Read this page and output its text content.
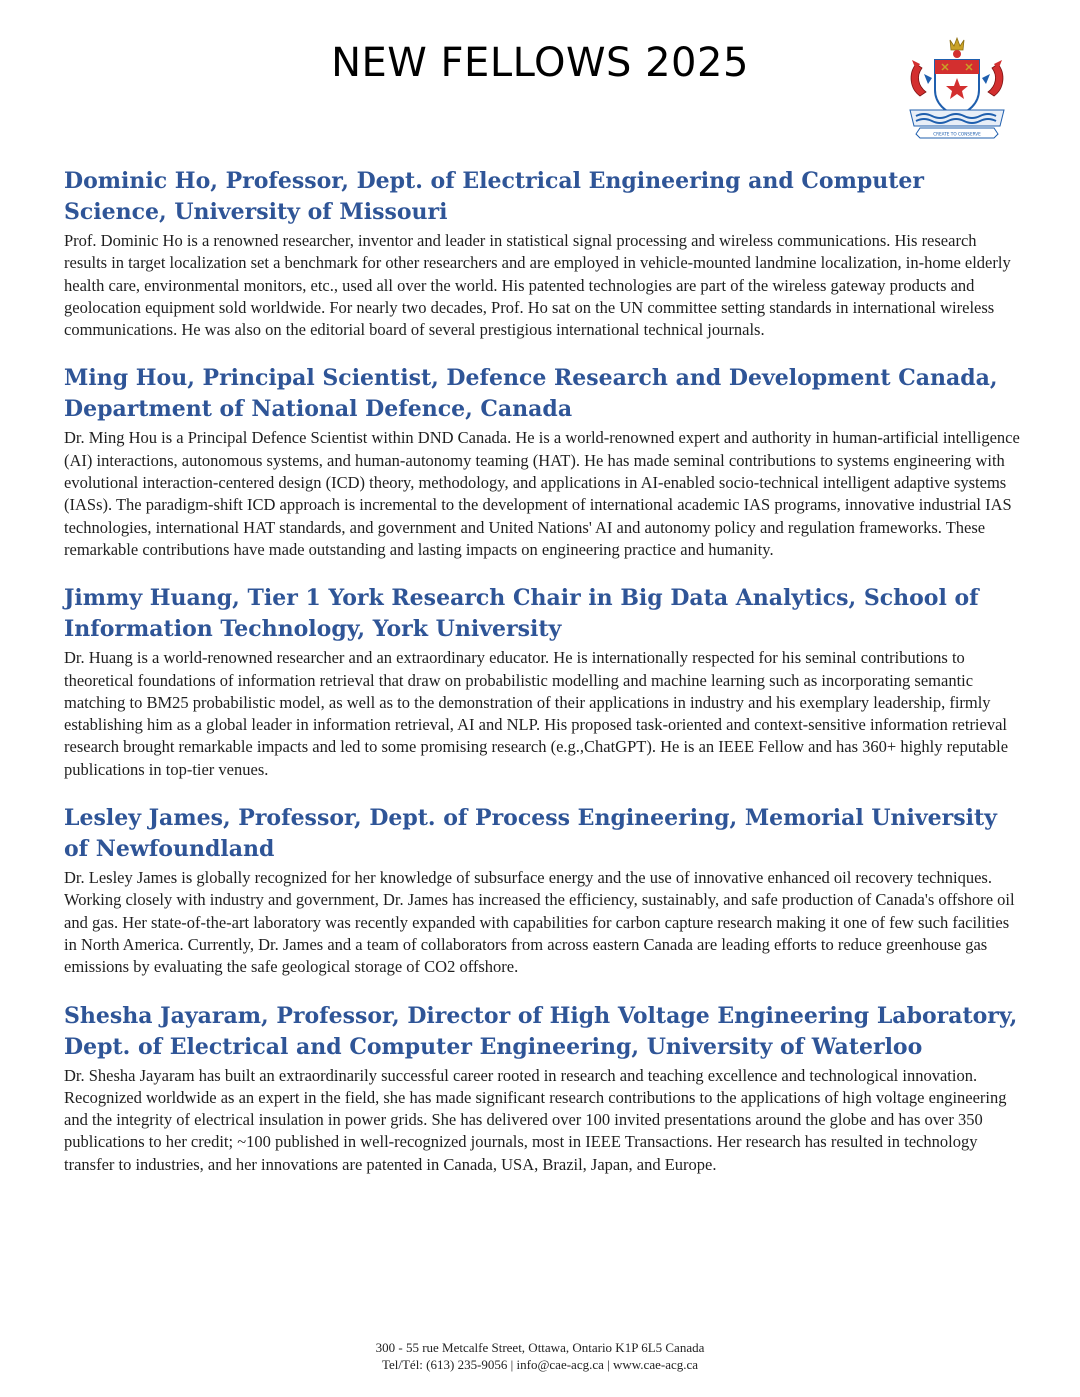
NEW FELLOWS 2025
CREATE TO CONSERVE
Dominic Ho, Professor, Dept. of Electrical Engineering and Computer Science, University of Missouri

Prof. Dominic Ho is a renowned researcher, inventor and leader in statistical signal processing and wireless communications. His research results in target localization set a benchmark for other researchers and are employed in vehicle-mounted landmine localization, in-home elderly health care, environmental monitors, etc., used all over the world. His patented technologies are part of the wireless gateway products and geolocation equipment sold worldwide. For nearly two decades, Prof. Ho sat on the UN committee setting standards in international wireless communications. He was also on the editorial board of several prestigious international technical journals.

Ming Hou, Principal Scientist, Defence Research and Development Canada, Department of National Defence, Canada

Dr. Ming Hou is a Principal Defence Scientist within DND Canada. He is a world-renowned expert and authority in human-artificial intelligence (AI) interactions, autonomous systems, and human-autonomy teaming (HAT). He has made seminal contributions to systems engineering with evolutional interaction-centered design (ICD) theory, methodology, and applications in AI-enabled socio-technical intelligent adaptive systems (IASs). The paradigm-shift ICD approach is incremental to the development of international academic IAS programs, innovative industrial IAS technologies, international HAT standards, and government and United Nations' AI and autonomy policy and regulation frameworks. These remarkable contributions have made outstanding and lasting impacts on engineering practice and humanity.

Jimmy Huang, Tier 1 York Research Chair in Big Data Analytics, School of Information Technology, York University

Dr. Huang is a world-renowned researcher and an extraordinary educator. He is internationally respected for his seminal contributions to theoretical foundations of information retrieval that draw on probabilistic modelling and machine learning such as incorporating semantic matching to BM25 probabilistic model, as well as to the demonstration of their applications in industry and his exemplary leadership, firmly establishing him as a global leader in information retrieval, AI and NLP. His proposed task-oriented and context-sensitive information retrieval research brought remarkable impacts and led to some promising research (e.g.,ChatGPT). He is an IEEE Fellow and has 360+ highly reputable publications in top-tier venues.

Lesley James, Professor, Dept. of Process Engineering, Memorial University of Newfoundland

Dr. Lesley James is globally recognized for her knowledge of subsurface energy and the use of innovative enhanced oil recovery techniques. Working closely with industry and government, Dr. James has increased the efficiency, sustainably, and safe production of Canada's offshore oil and gas. Her state-of-the-art laboratory was recently expanded with capabilities for carbon capture research making it one of few such facilities in North America. Currently, Dr. James and a team of collaborators from across eastern Canada are leading efforts to reduce greenhouse gas emissions by evaluating the safe geological storage of CO2 offshore.

Shesha Jayaram, Professor, Director of High Voltage Engineering Laboratory, Dept. of Electrical and Computer Engineering, University of Waterloo

Dr. Shesha Jayaram has built an extraordinarily successful career rooted in research and teaching excellence and technological innovation. Recognized worldwide as an expert in the field, she has made significant research contributions to the applications of high voltage engineering and the integrity of electrical insulation in power grids. She has delivered over 100 invited presentations around the globe and has over 350 publications to her credit; ~100 published in well-recognized journals, most in IEEE Transactions. Her research has resulted in technology transfer to industries, and her innovations are patented in Canada, USA, Brazil, Japan, and Europe.

300 - 55 rue Metcalfe Street, Ottawa, Ontario K1P 6L5 Canada
Tel/Tél: (613) 235-9056 | info@cae-acg.ca | www.cae-acg.ca
